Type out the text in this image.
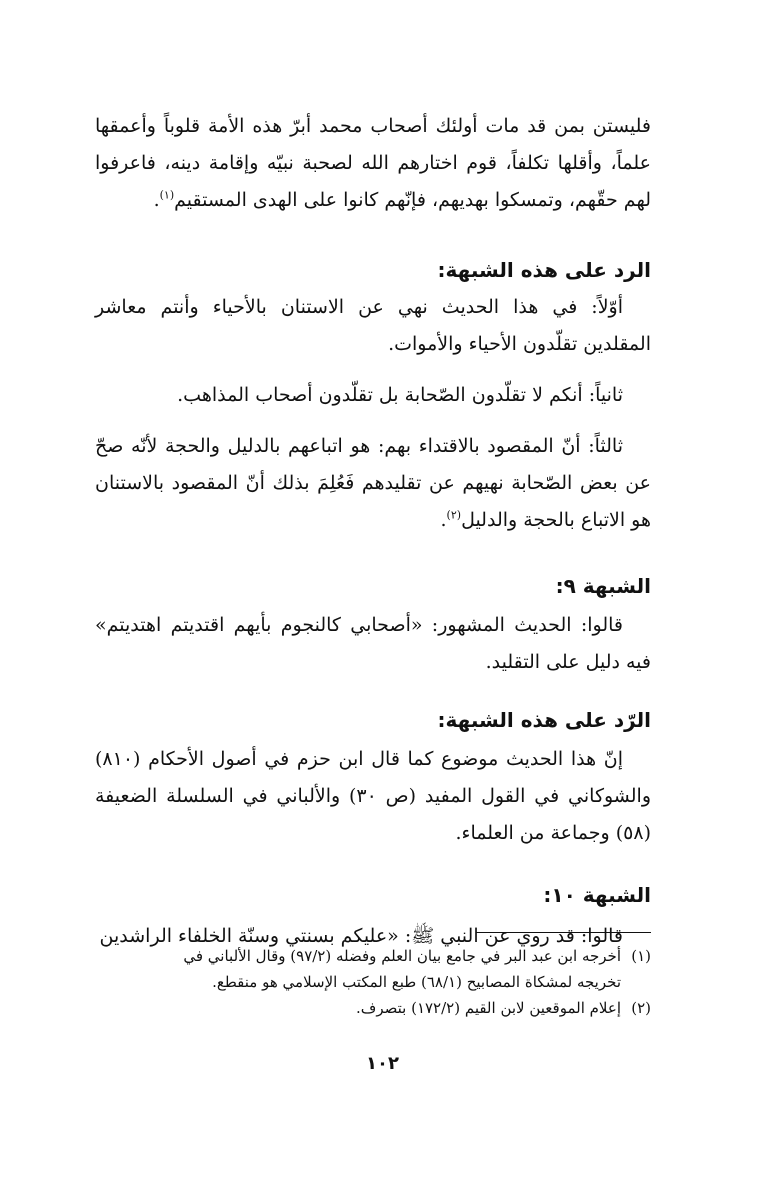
فليستن بمن قد مات أولئك أصحاب محمد أبرّ هذه الأمة قلوباً وأعمقها علماً، وأقلها تكلفاً، قوم اختارهم الله لصحبة نبيّه وإقامة دينه، فاعرفوا لهم حقّهم، وتمسكوا بهديهم، فإنّهم كانوا على الهدى المستقيم$^{(١)}$.

الرد على هذه الشبهة:

أوّلاً: في هذا الحديث نهي عن الاستنان بالأحياء وأنتم معاشر المقلدين تقلّدون الأحياء والأموات.

ثانياً: أنكم لا تقلّدون الصّحابة بل تقلّدون أصحاب المذاهب.

ثالثاً: أنّ المقصود بالاقتداء بهم: هو اتباعهم بالدليل والحجة لأنّه صحّ عن بعض الصّحابة نهيهم عن تقليدهم فَعُلِمَ بذلك أنّ المقصود بالاستنان هو الاتباع بالحجة والدليل$^{(٢)}$.

الشبهة ٩:

قالوا: الحديث المشهور: «أصحابي كالنجوم بأيهم اقتديتم اهتديتم» فيه دليل على التقليد.

الرّد على هذه الشبهة:

إنّ هذا الحديث موضوع كما قال ابن حزم في أصول الأحكام (٨١٠) والشوكاني في القول المفيد (ص ٣٠) والألباني في السلسلة الضعيفة (٥٨) وجماعة من العلماء.

الشبهة ١٠:

قالوا: قد روي عن النبي ﷺ: «عليكم بسنتي وسنّة الخلفاء الراشدين

(١)أخرجه ابن عبد البر في جامع بيان العلم وفضله (٩٧/٢) وقال الألباني في

تخريجه لمشكاة المصابيح (٦٨/١) طبع المكتب الإسلامي هو منقطع.

(٢)إعلام الموقعين لابن القيم (١٧٢/٢) بتصرف.

١٠٢
